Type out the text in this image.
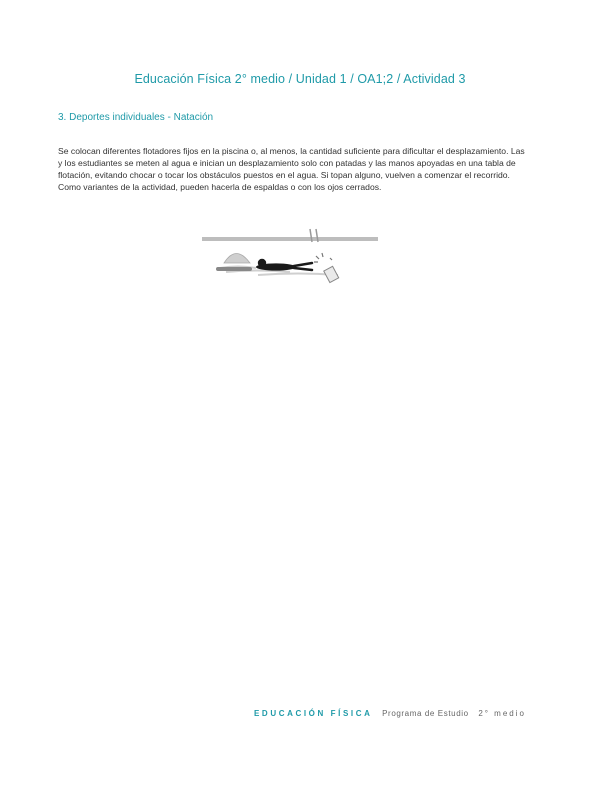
Educación Física 2° medio / Unidad 1 / OA1;2 / Actividad 3
3. Deportes individuales - Natación

Se colocan diferentes flotadores fijos en la piscina o, al menos, la cantidad suficiente para dificultar el desplazamiento. Las y los estudiantes se meten al agua e inician un desplazamiento solo con patadas y las manos apoyadas en una tabla de flotación, evitando chocar o tocar los obstáculos puestos en el agua. Si topan alguno, vuelven a comenzar el recorrido. Como variantes de la actividad, pueden hacerla de espaldas o con los ojos cerrados.

EDUCACIÓN FÍSICA Programa de Estudio 2° medio
